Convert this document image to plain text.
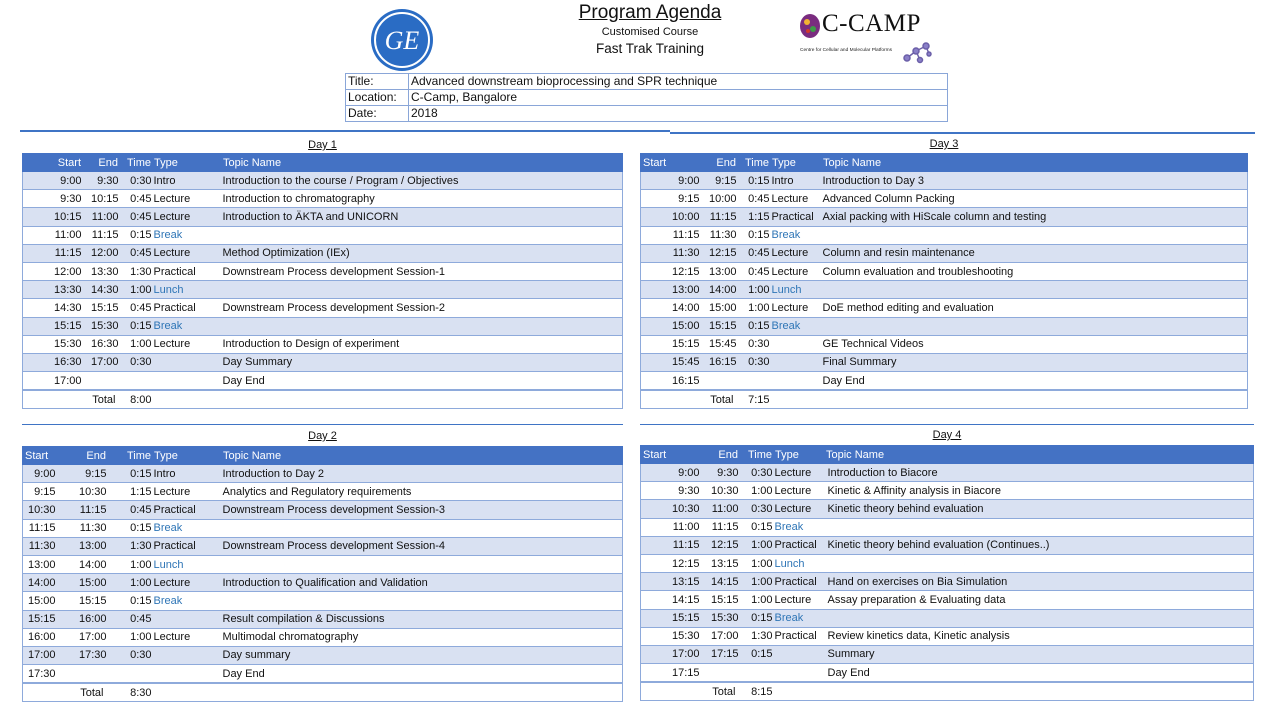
GE
Program Agenda
Customised Course
Fast Trak Training
C-CAMP
Centre for Cellular and Molecular Platforms
Title:	Advanced downstream bioprocessing and SPR technique
Location:	C-Camp, Bangalore
Date:	2018
Day 1
Start	End	Time	Type	Topic Name
9:00	9:30	0:30	Intro	Introduction to the course / Program / Objectives
9:30	10:15	0:45	Lecture	Introduction to chromatography
10:15	11:00	0:45	Lecture	Introduction to ÄKTA and UNICORN
11:00	11:15	0:15	Break	
11:15	12:00	0:45	Lecture	Method Optimization (IEx)
12:00	13:30	1:30	Practical	Downstream Process development Session-1
13:30	14:30	1:00	Lunch	
14:30	15:15	0:45	Practical	Downstream Process development Session-2
15:15	15:30	0:15	Break	
15:30	16:30	1:00	Lecture	Introduction to Design of experiment
16:30	17:00	0:30		Day Summary
17:00				Day End
Total		8:00		
Day 2
Start	End	Time	Type	Topic Name
9:00	9:15	0:15	Intro	Introduction to Day 2
9:15	10:30	1:15	Lecture	Analytics and Regulatory requirements
10:30	11:15	0:45	Practical	Downstream Process development Session-3
11:15	11:30	0:15	Break	
11:30	13:00	1:30	Practical	Downstream Process development Session-4
13:00	14:00	1:00	Lunch	
14:00	15:00	1:00	Lecture	Introduction to Qualification and Validation
15:00	15:15	0:15	Break	
15:15	16:00	0:45		Result compilation & Discussions
16:00	17:00	1:00	Lecture	Multimodal chromatography
17:00	17:30	0:30		Day summary
17:30				Day End
Total		8:30		
Day 3
Start	End	Time	Type	Topic Name
9:00	9:15	0:15	Intro	Introduction to Day 3
9:15	10:00	0:45	Lecture	Advanced Column Packing
10:00	11:15	1:15	Practical	Axial packing with HiScale column and testing
11:15	11:30	0:15	Break	
11:30	12:15	0:45	Lecture	Column and resin maintenance
12:15	13:00	0:45	Lecture	Column evaluation and troubleshooting
13:00	14:00	1:00	Lunch	
14:00	15:00	1:00	Lecture	DoE method editing and evaluation
15:00	15:15	0:15	Break	
15:15	15:45	0:30		GE Technical Videos
15:45	16:15	0:30		Final Summary
16:15				Day End
Total		7:15		
Day 4
Start	End	Time	Type	Topic Name
9:00	9:30	0:30	Lecture	Introduction to Biacore
9:30	10:30	1:00	Lecture	Kinetic & Affinity analysis in Biacore
10:30	11:00	0:30	Lecture	Kinetic theory behind evaluation
11:00	11:15	0:15	Break	
11:15	12:15	1:00	Practical	Kinetic theory behind evaluation (Continues..)
12:15	13:15	1:00	Lunch	
13:15	14:15	1:00	Practical	Hand on exercises on Bia Simulation
14:15	15:15	1:00	Lecture	Assay preparation & Evaluating data
15:15	15:30	0:15	Break	
15:30	17:00	1:30	Practical	Review kinetics data, Kinetic analysis
17:00	17:15	0:15		Summary
17:15				Day End
Total		8:15		
